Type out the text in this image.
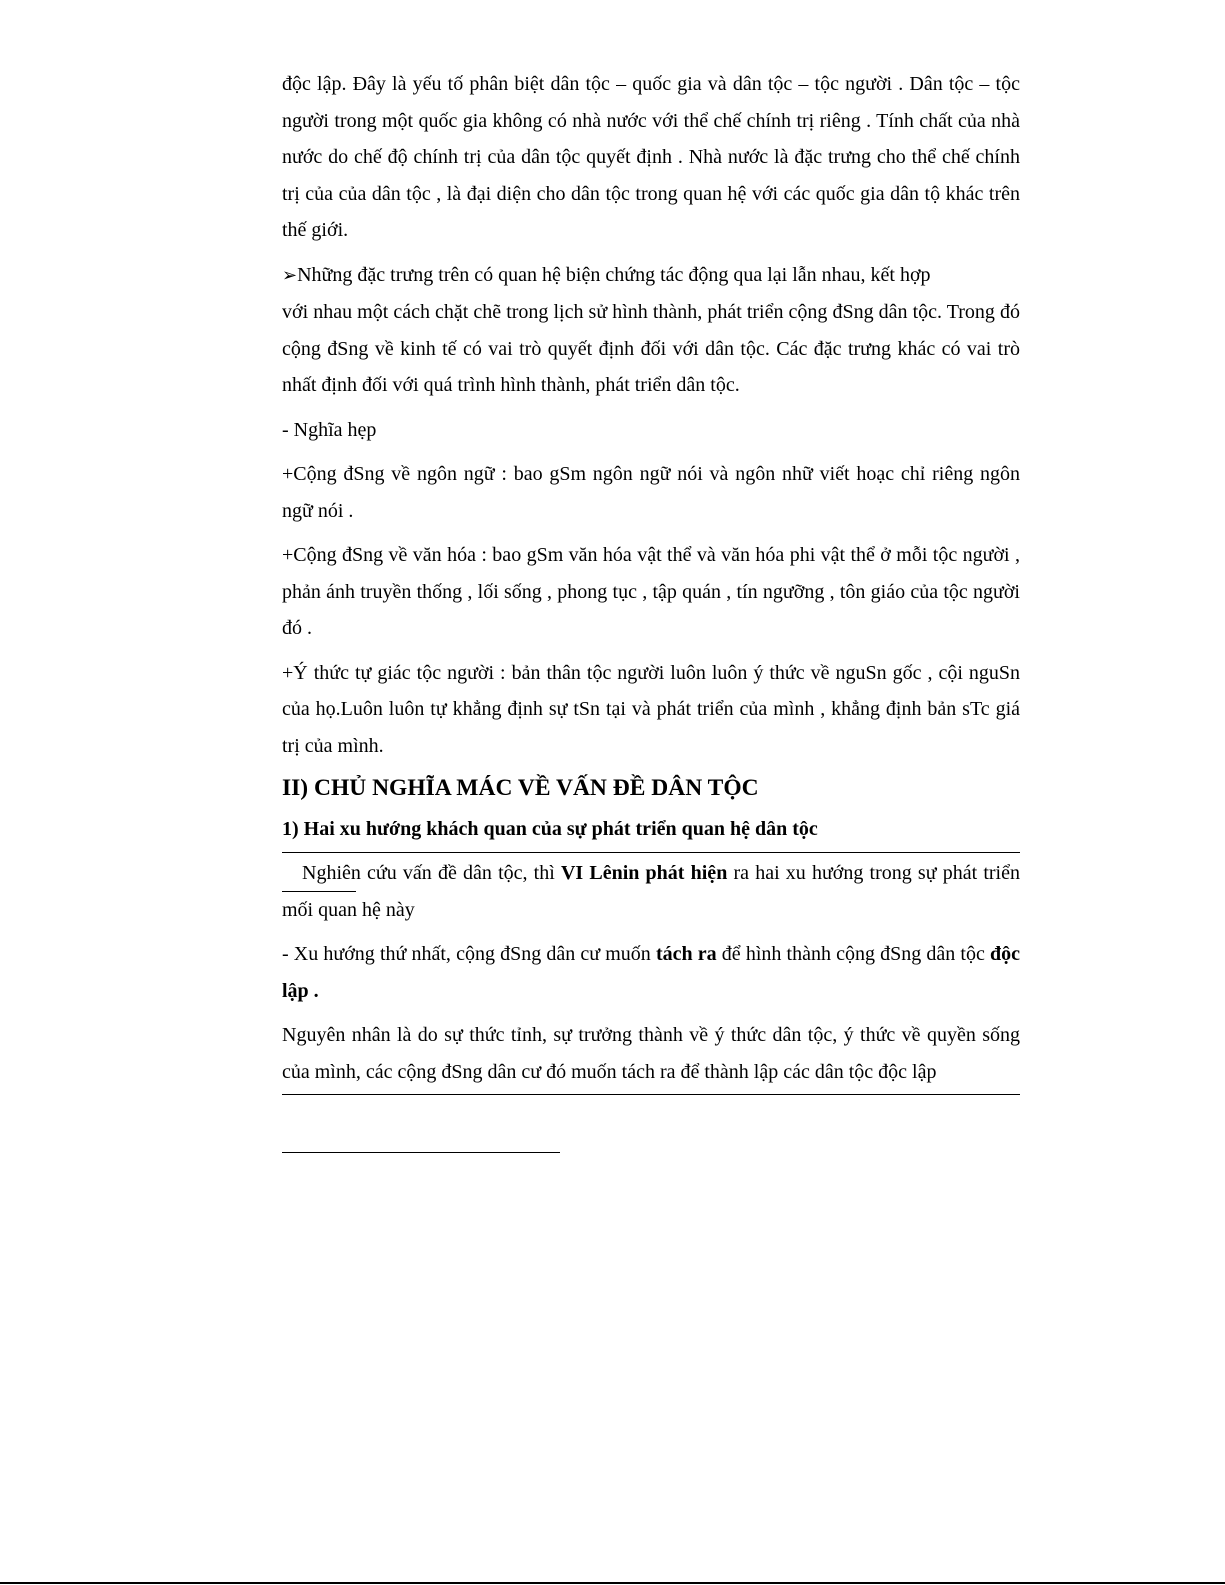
độc lập. Đây là yếu tố phân biệt dân tộc – quốc gia và dân tộc – tộc người . Dân tộc – tộc người trong một quốc gia không có nhà nước với thể chế chính trị riêng . Tính chất của nhà nước do chế độ chính trị của dân tộc quyết định . Nhà nước là đặc trưng cho thể chế chính trị của của dân tộc , là đại diện cho dân tộc trong quan hệ với các quốc gia dân tộ khác trên thế giới.

➢Những đặc trưng trên có quan hệ biện chứng tác động qua lại lẫn nhau, kết hợp

với nhau một cách chặt chẽ trong lịch sử hình thành, phát triển cộng đSng dân tộc. Trong đó cộng đSng về kinh tế có vai trò quyết định đối với dân tộc. Các đặc trưng khác có vai trò nhất định đối với quá trình hình thành, phát triển dân tộc.

- Nghĩa hẹp

+Cộng đSng về ngôn ngữ : bao gSm ngôn ngữ nói và ngôn nhữ viết hoạc chỉ riêng ngôn ngữ nói .

+Cộng đSng về văn hóa : bao gSm văn hóa vật thể và văn hóa phi vật thể ở mỗi tộc người , phản ánh truyền thống , lối sống , phong tục , tập quán , tín ngưỡng , tôn giáo của tộc người đó .

+Ý thức tự giác tộc người : bản thân tộc người luôn luôn ý thức về nguSn gốc , cội nguSn của họ.Luôn luôn tự khẳng định sự tSn tại và phát triển của mình , khẳng định bản sTc giá trị của mình.

II) CHỦ NGHĨA MÁC VỀ VẤN ĐỀ DÂN TỘC
1) Hai xu hướng khách quan của sự phát triển quan hệ dân tộc

Nghiên cứu vấn đề dân tộc, thì VI Lênin phát hiện ra hai xu hướng trong sự phát triển mối quan hệ này

- Xu hướng thứ nhất, cộng đSng dân cư muốn tách ra để hình thành cộng đSng dân tộc độc lập .

Nguyên nhân là do sự thức tỉnh, sự trưởng thành về ý thức dân tộc, ý thức về quyền sống của mình, các cộng đSng dân cư đó muốn tách ra để thành lập các dân tộc độc lập
